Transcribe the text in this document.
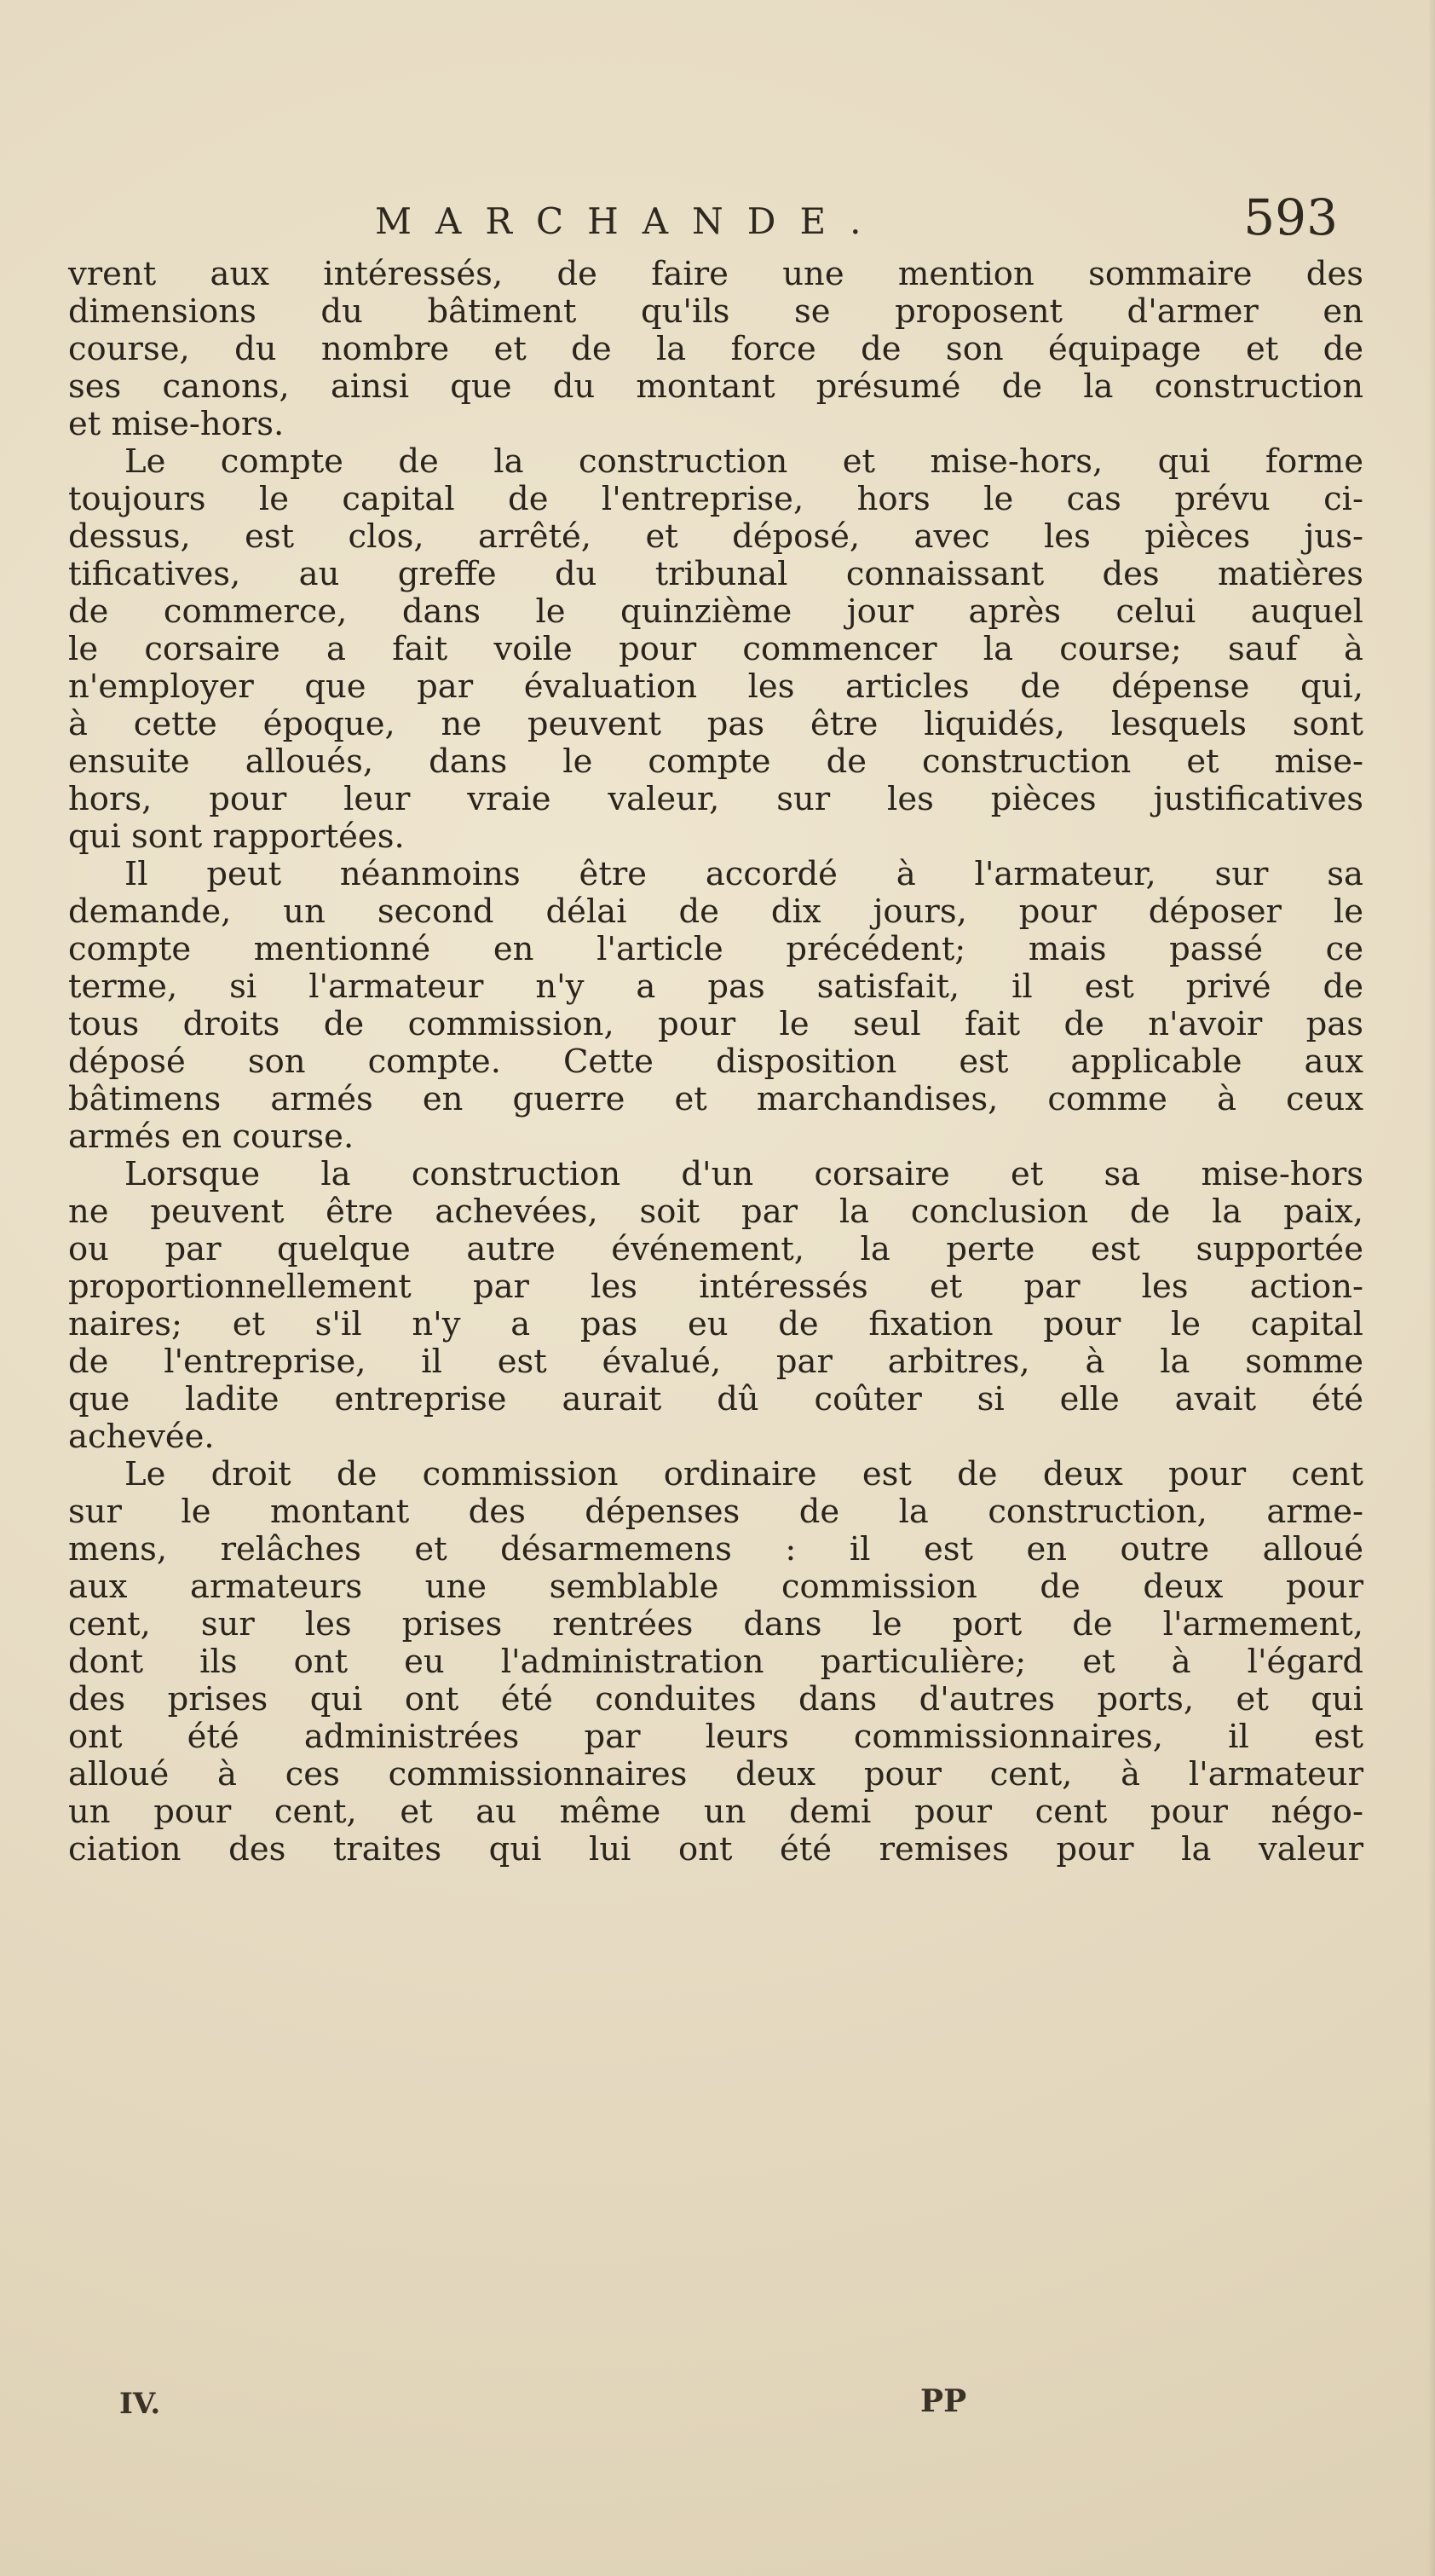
MARCHANDE.	593
vrent aux intéressés, de faire une mention sommaire des
dimensions du bâtiment qu'ils se proposent d'armer en
course, du nombre et de la force de son équipage et de
ses canons, ainsi que du montant présumé de la construction
et mise-hors.
Le compte de la construction et mise-hors, qui forme
toujours le capital de l'entreprise, hors le cas prévu ci-
dessus, est clos, arrêté, et déposé, avec les pièces jus-
tificatives, au greffe du tribunal connaissant des matières
de commerce, dans le quinzième jour après celui auquel
le corsaire a fait voile pour commencer la course; sauf à
n'employer que par évaluation les articles de dépense qui,
à cette époque, ne peuvent pas être liquidés, lesquels sont
ensuite alloués, dans le compte de construction et mise-
hors, pour leur vraie valeur, sur les pièces justificatives
qui sont rapportées.
Il peut néanmoins être accordé à l'armateur, sur sa
demande, un second délai de dix jours, pour déposer le
compte mentionné en l'article précédent; mais passé ce
terme, si l'armateur n'y a pas satisfait, il est privé de
tous droits de commission, pour le seul fait de n'avoir pas
déposé son compte. Cette disposition est applicable aux
bâtimens armés en guerre et marchandises, comme à ceux
armés en course.
Lorsque la construction d'un corsaire et sa mise-hors
ne peuvent être achevées, soit par la conclusion de la paix,
ou par quelque autre événement, la perte est supportée
proportionnellement par les intéressés et par les action-
naires; et s'il n'y a pas eu de fixation pour le capital
de l'entreprise, il est évalué, par arbitres, à la somme
que ladite entreprise aurait dû coûter si elle avait été
achevée.
Le droit de commission ordinaire est de deux pour cent
sur le montant des dépenses de la construction, arme-
mens, relâches et désarmemens : il est en outre alloué
aux armateurs une semblable commission de deux pour
cent, sur les prises rentrées dans le port de l'armement,
dont ils ont eu l'administration particulière; et à l'égard
des prises qui ont été conduites dans d'autres ports, et qui
ont été administrées par leurs commissionnaires, il est
alloué à ces commissionnaires deux pour cent, à l'armateur
un pour cent, et au même un demi pour cent pour négo-
ciation des traites qui lui ont été remises pour la valeur
IV.	PP
